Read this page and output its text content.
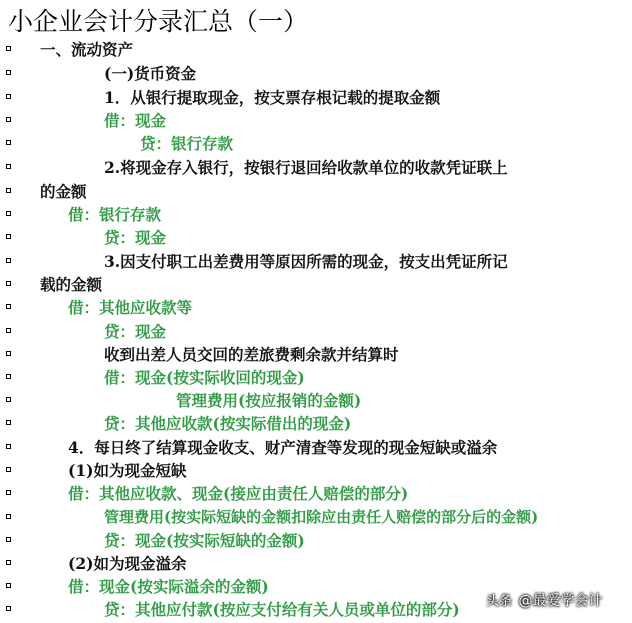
小企业会计分录汇总（一）
一、流动资产
(一)货币资金
1．从银行提取现金，按支票存根记载的提取金额
借：现金
贷：银行存款
2.将现金存入银行，按银行退回给收款单位的收款凭证联上
的金额
借：银行存款
贷：现金
3.因支付职工出差费用等原因所需的现金，按支出凭证所记
载的金额
借：其他应收款等
贷：现金
收到出差人员交回的差旅费剩余款并结算时
借：现金(按实际收回的现金)
管理费用(按应报销的金额)
贷：其他应收款(按实际借出的现金)
4．每日终了结算现金收支、财产清查等发现的现金短缺或溢余
(1)如为现金短缺
借：其他应收款、现金(接应由责任人赔偿的部分)
管理费用(按实际短缺的金额扣除应由责任人赔偿的部分后的金额)
贷：现金(按实际短缺的金额)
(2)如为现金溢余
借：现金(按实际溢余的金额)
贷：其他应付款(按应支付给有关人员或单位的部分) 头条 @最爱学会计
